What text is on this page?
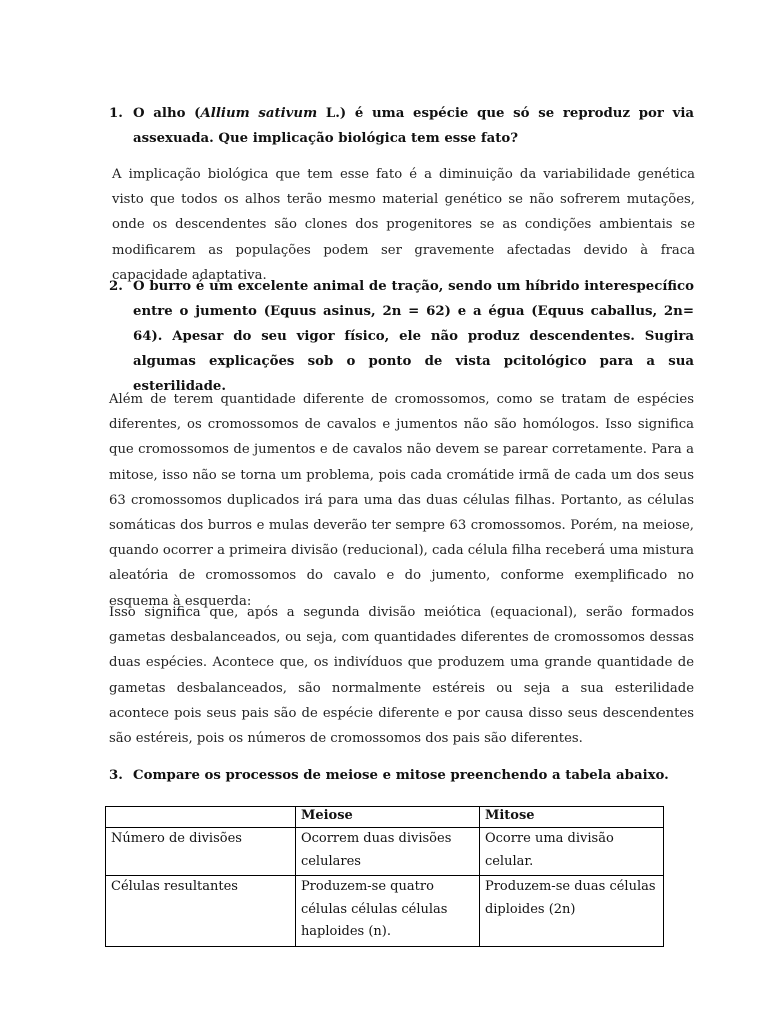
1. O alho (Allium sativum L.) é uma espécie que só se reproduz por via assexuada. Que implicação biológica tem esse fato?

A implicação biológica que tem esse fato é a diminuição da variabilidade genética visto que todos os alhos terão mesmo material genético se não sofrerem mutações, onde os descendentes são clones dos progenitores se as condições ambientais se modificarem as populações podem ser gravemente afectadas devido à fraca capacidade adaptativa.

2. O burro é um excelente animal de tração, sendo um híbrido interespecífico entre o jumento (Equus asinus, 2n = 62) e a égua (Equus caballus, 2n= 64). Apesar do seu vigor físico, ele não produz descendentes. Sugira algumas explicações sob o ponto de vista pcitológico para a sua esterilidade.

Além de terem quantidade diferente de cromossomos, como se tratam de espécies diferentes, os cromossomos de cavalos e jumentos não são homólogos. Isso significa que cromossomos de jumentos e de cavalos não devem se parear corretamente. Para a mitose, isso não se torna um problema, pois cada cromátide irmã de cada um dos seus 63 cromossomos duplicados irá para uma das duas células filhas. Portanto, as células somáticas dos burros e mulas deverão ter sempre 63 cromossomos. Porém, na meiose, quando ocorrer a primeira divisão (reducional), cada célula filha receberá uma mistura aleatória de cromossomos do cavalo e do jumento, conforme exemplificado no esquema à esquerda:

Isso significa que, após a segunda divisão meiótica (equacional), serão formados gametas desbalanceados, ou seja, com quantidades diferentes de cromossomos dessas duas espécies. Acontece que, os indivíduos que produzem uma grande quantidade de gametas desbalanceados, são normalmente estéreis ou seja a sua esterilidade acontece pois seus pais são de espécie diferente e por causa disso seus descendentes são estéreis, pois os números de cromossomos dos pais são diferentes.

3. Compare os processos de meiose e mitose preenchendo a tabela abaixo.
	Meiose	Mitose
Número de divisões	Ocorrem duas divisões celulares	Ocorre uma divisão celular.
Células resultantes	Produzem-se quatro células células células haploides (n).	Produzem-se duas células diploides (2n)
